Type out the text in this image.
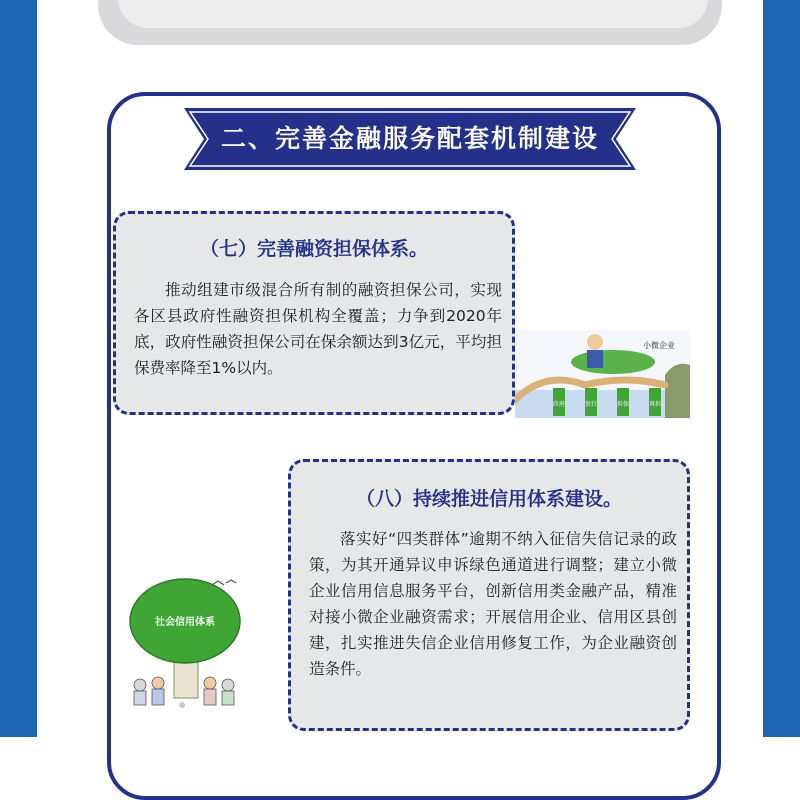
二、完善金融服务配套机制建设
（七）完善融资担保体系。
推动组建市级混合所有制的融资担保公司，实现各区县政府性融资担保机构全覆盖；力争到2020年底，政府性融资担保公司在保余额达到3亿元，平均担保费率降至1%以内。
政府	银行	担保	再担
小微企业
（八）持续推进信用体系建设。
落实好“四类群体”逾期不纳入征信失信记录的政策，为其开通异议申诉绿色通道进行调整；建立小微企业信用信息服务平台，创新信用类金融产品，精准对接小微企业融资需求；开展信用企业、信用区县创建，扎实推进失信企业信用修复工作，为企业融资创造条件。
社会信用体系
